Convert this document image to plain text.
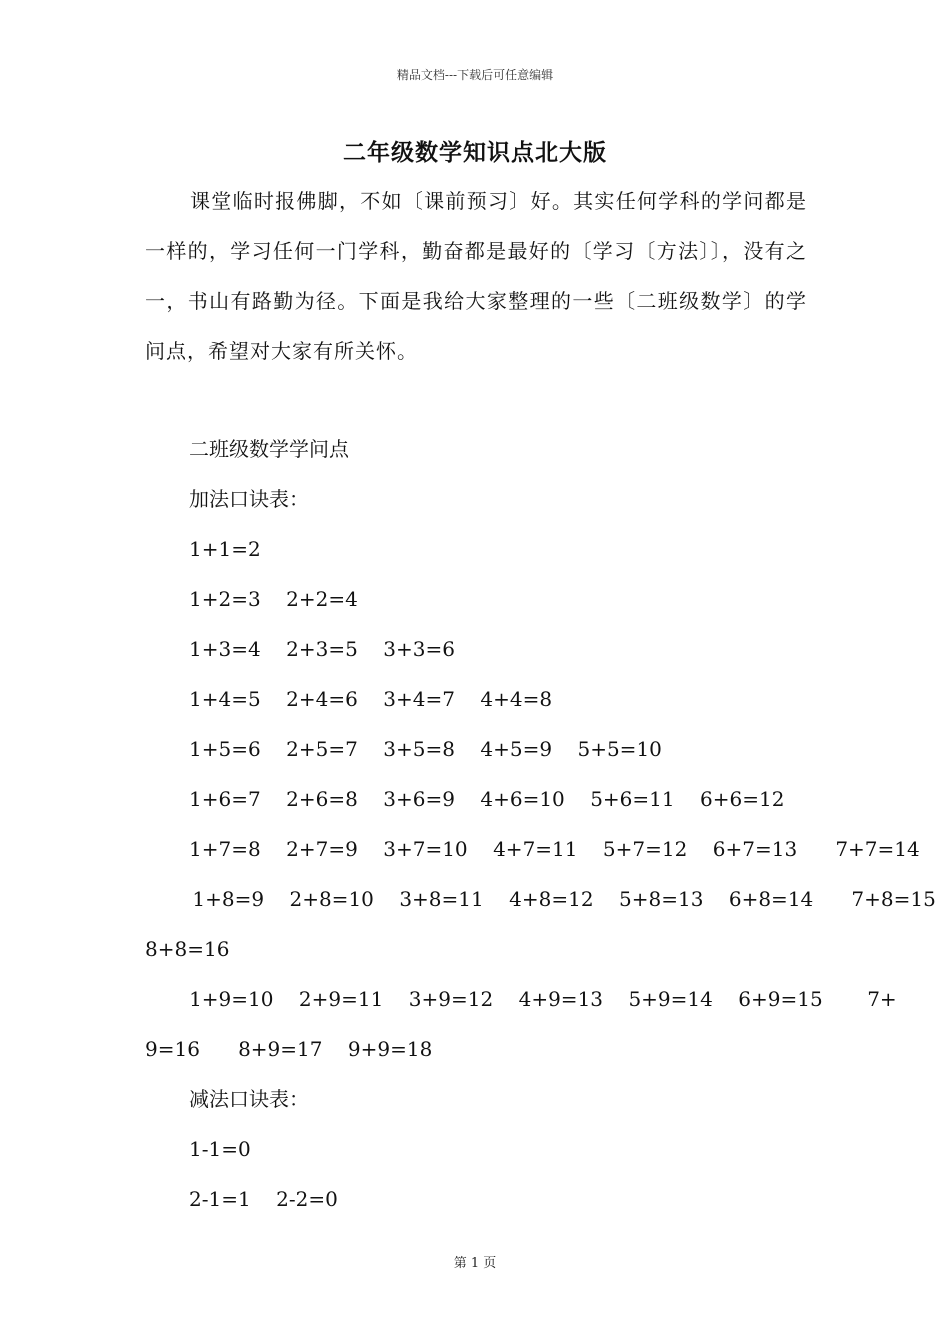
精品文档---下载后可任意编辑
二年级数学知识点北大版

课堂临时报佛脚，不如〔课前预习〕好。其实任何学科的学问都是一样的，学习任何一门学科，勤奋都是最好的〔学习〔方法〕〕，没有之一，书山有路勤为径。下面是我给大家整理的一些〔二班级数学〕的学问点，希望对大家有所关怀。

二班级数学学问点
加法口诀表：
1+1=2
1+2=3    2+2=4
1+3=4    2+3=5    3+3=6
1+4=5    2+4=6    3+4=7    4+4=8
1+5=6    2+5=7    3+5=8    4+5=9    5+5=10
1+6=7    2+6=8    3+6=9    4+6=10    5+6=11    6+6=12
1+7=8    2+7=9    3+7=10    4+7=11    5+7=12    6+7=13      7+7=14
1+8=9    2+8=10    3+8=11    4+8=12    5+8=13    6+8=14      7+8=15
8+8=16
1+9=10    2+9=11    3+9=12    4+9=13    5+9=14    6+9=15       7+
9=16      8+9=17    9+9=18
减法口诀表：
1-1=0
2-1=1    2-2=0
第 1 页
